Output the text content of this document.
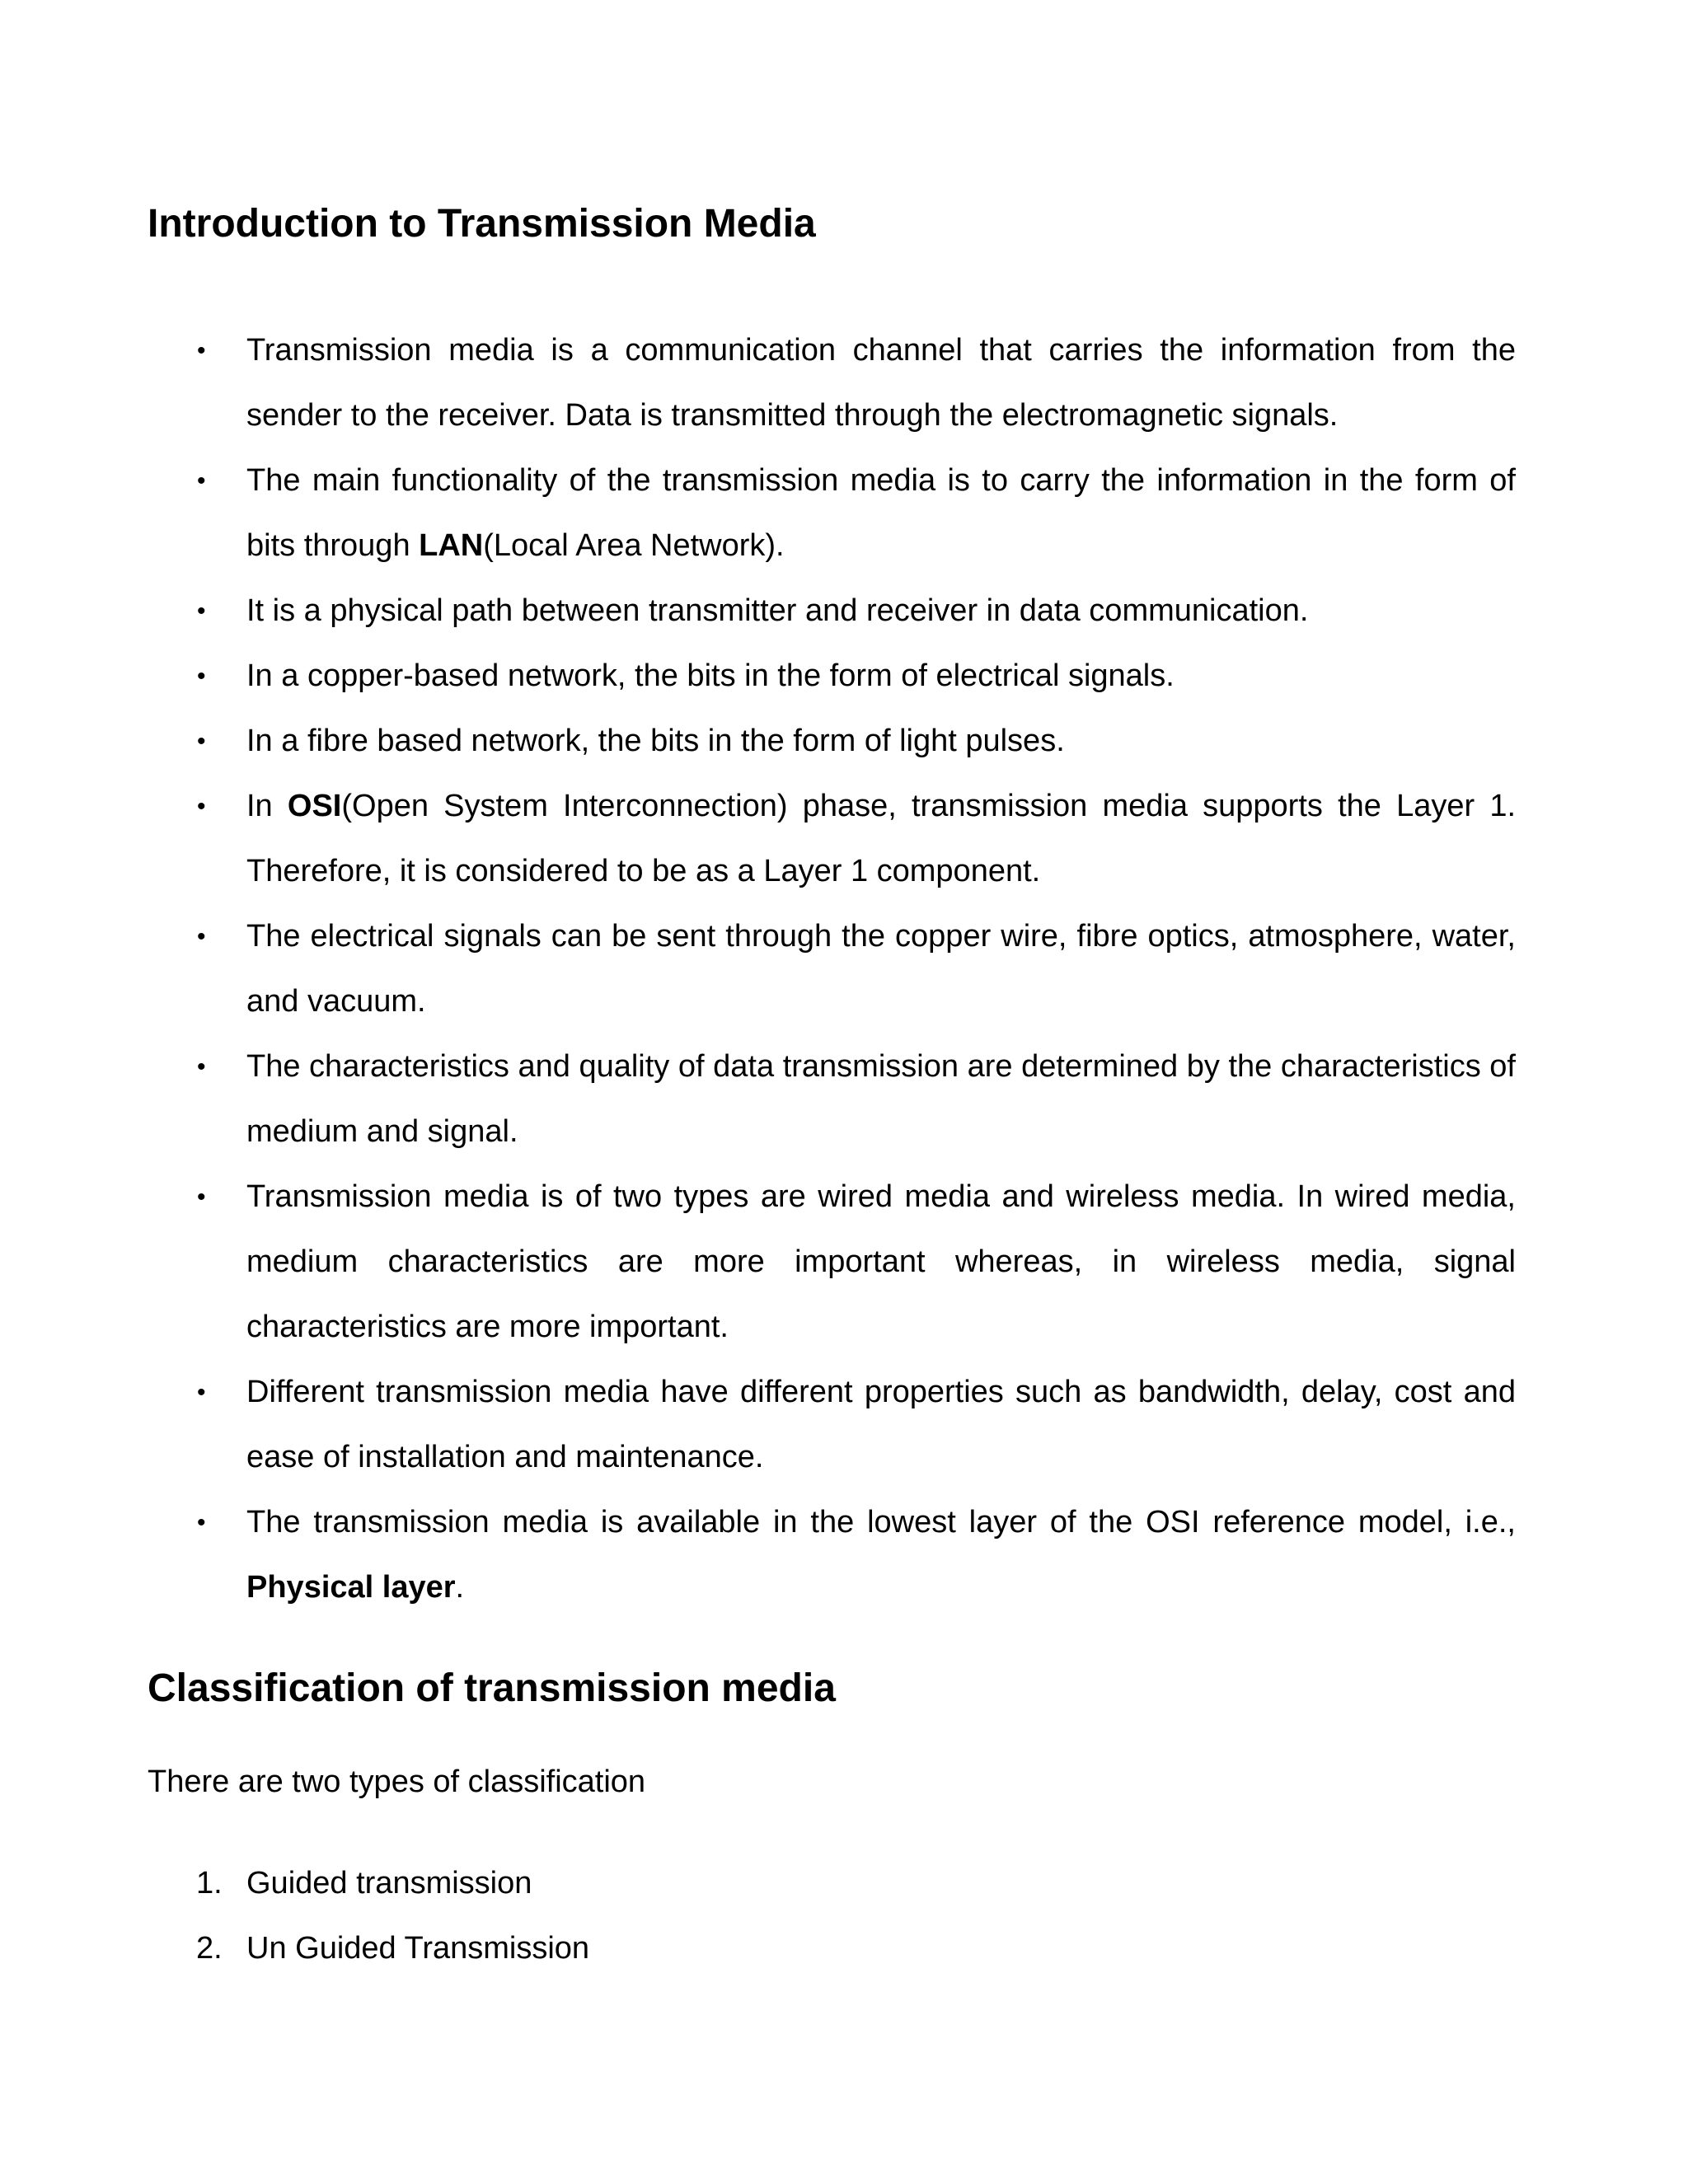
Introduction to Transmission Media
• Transmission media is a communication channel that carries the information from the sender to the receiver. Data is transmitted through the electromagnetic signals.
• The main functionality of the transmission media is to carry the information in the form of bits through LAN(Local Area Network).
• It is a physical path between transmitter and receiver in data communication.
• In a copper-based network, the bits in the form of electrical signals.
• In a fibre based network, the bits in the form of light pulses.
• In OSI(Open System Interconnection) phase, transmission media supports the Layer 1. Therefore, it is considered to be as a Layer 1 component.
• The electrical signals can be sent through the copper wire, fibre optics, atmosphere, water, and vacuum.
• The characteristics and quality of data transmission are determined by the characteristics of medium and signal.
• Transmission media is of two types are wired media and wireless media. In wired media, medium characteristics are more important whereas, in wireless media, signal characteristics are more important.
• Different transmission media have different properties such as bandwidth, delay, cost and ease of installation and maintenance.
• The transmission media is available in the lowest layer of the OSI reference model, i.e., Physical layer.
Classification of transmission media

There are two types of classification

1. Guided transmission
2. Un Guided Transmission
